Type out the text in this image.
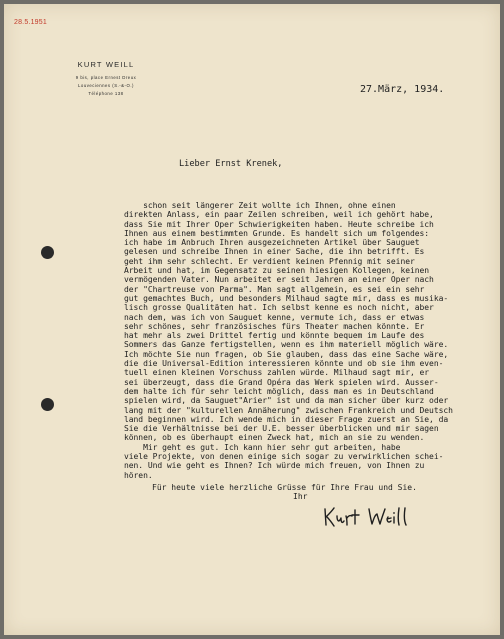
28.5.1951
KURT WEILL
9 bis, place Ernest Dreux
Louveciennes (S.-&-O.)
Téléphone 138	27.März, 1934.
Lieber Ernst Krenek,
schon seit längerer Zeit wollte ich Ihnen, ohne einen
direkten Anlass, ein paar Zeilen schreiben, weil ich gehört habe,
dass Sie mit Ihrer Oper Schwierigkeiten haben. Heute schreibe ich
Ihnen aus einem bestimmten Grunde. Es handelt sich um folgendes:
ich habe im Anbruch Ihren ausgezeichneten Artikel über Sauguet
gelesen und schreibe Ihnen in einer Sache, die ihn betrifft. Es
geht ihm sehr schlecht. Er verdient keinen Pfennig mit seiner
Arbeit und hat, im Gegensatz zu seinen hiesigen Kollegen, keinen
vermögenden Vater. Nun arbeitet er seit Jahren an einer Oper nach
der "Chartreuse von Parma". Man sagt allgemein, es sei ein sehr
gut gemachtes Buch, und besonders Milhaud sagte mir, dass es musika-
lisch grosse Qualitäten hat. Ich selbst kenne es noch nicht, aber
nach dem, was ich von Sauguet kenne, vermute ich, dass er etwas
sehr schönes, sehr französisches fürs Theater machen könnte. Er
hat mehr als zwei Drittel fertig und könnte bequem im Laufe des
Sommers das Ganze fertigstellen, wenn es ihm materiell möglich wäre.
Ich möchte Sie nun fragen, ob Sie glauben, dass das eine Sache wäre,
die die Universal-Edition interessieren könnte und ob sie ihm even-
tuell einen kleinen Vorschuss zahlen würde. Milhaud sagt mir, er
sei überzeugt, dass die Grand Opéra das Werk spielen wird. Ausser-
dem halte ich für sehr leicht möglich, dass man es in Deutschland
spielen wird, da Sauguet"Arier" ist und da man sicher über kurz oder
lang mit der "kulturellen Annäherung" zwischen Frankreich und Deutsch
land beginnen wird. Ich wende mich in dieser Frage zuerst an Sie, da
Sie die Verhältnisse bei der U.E. besser überblicken und mir sagen
können, ob es überhaupt einen Zweck hat, mich an sie zu wenden.
Mir geht es gut. Ich kann hier sehr gut arbeiten, habe
viele Projekte, von denen einige sich sogar zu verwirklichen schei-
nen. Und wie geht es Ihnen? Ich würde mich freuen, von Ihnen zu
hören.
Für heute viele herzliche Grüsse für Ihre Frau und Sie.
Ihr
